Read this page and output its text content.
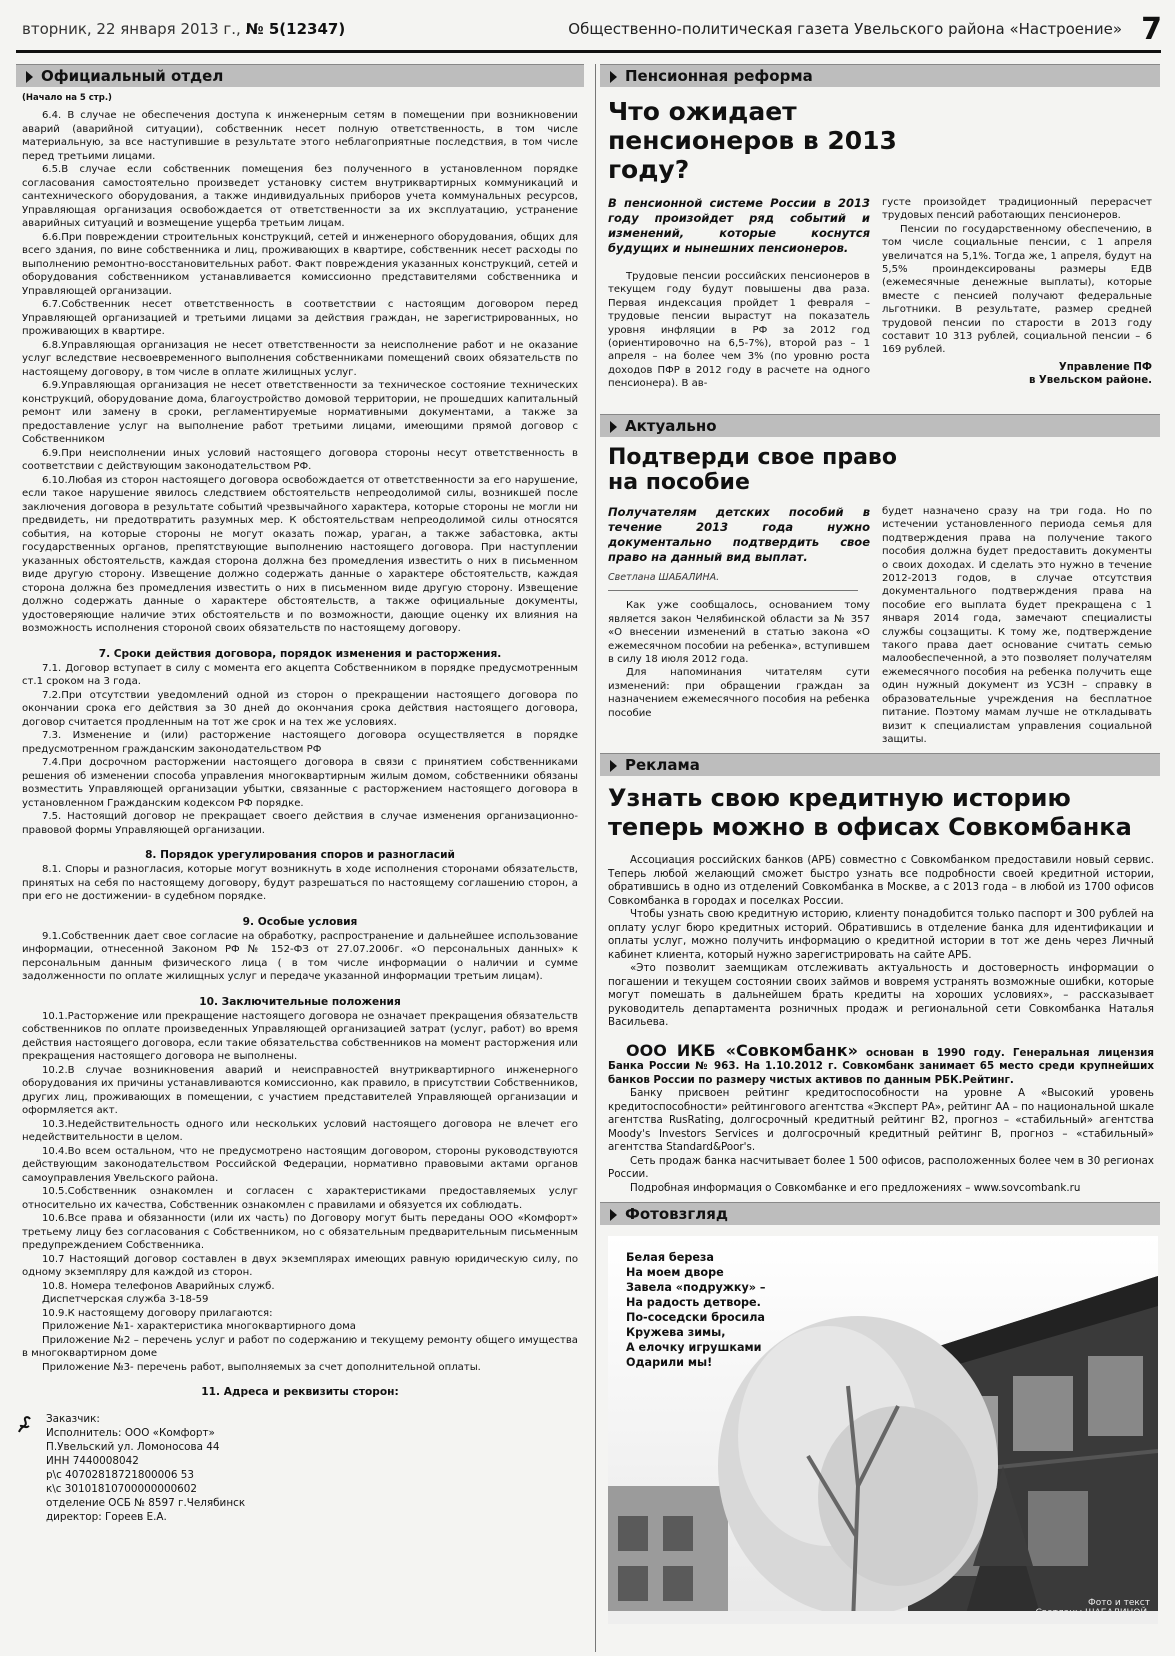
вторник, 22 января 2013 г., № 5(12347)	Общественно-политическая газета Увельского района «Настроение» 7
Официальный отдел
(Начало на 5 стр.)

6.4. В случае не обеспечения доступа к инженерным сетям в помещении при возникновении аварий (аварийной ситуации), собственник несет полную ответственность, в том числе материальную, за все наступившие в результате этого неблагоприятные последствия, в том числе перед третьими лицами.

6.5.В случае если собственник помещения без полученного в установленном порядке согласования самостоятельно произведет установку систем внутриквартирных коммуникаций и сантехнического оборудования, а также индивидуальных приборов учета коммунальных ресурсов, Управляющая организация освобождается от ответственности за их эксплуатацию, устранение аварийных ситуаций и возмещение ущерба третьим лицам.

6.6.При повреждении строительных конструкций, сетей и инженерного оборудования, общих для всего здания, по вине собственника и лиц, проживающих в квартире, собственник несет расходы по выполнению ремонтно-восстановительных работ. Факт повреждения указанных конструкций, сетей и оборудования собственником устанавливается комиссионно представителями собственника и Управляющей организации.

6.7.Собственник несет ответственность в соответствии с настоящим договором перед Управляющей организацией и третьими лицами за действия граждан, не зарегистрированных, но проживающих в квартире.

6.8.Управляющая организация не несет ответственности за неисполнение работ и не оказание услуг вследствие несвоевременного выполнения собственниками помещений своих обязательств по настоящему договору, в том числе в оплате жилищных услуг.

6.9.Управляющая организация не несет ответственности за техническое состояние технических конструкций, оборудование дома, благоустройство домовой территории, не прошедших капитальный ремонт или замену в сроки, регламентируемые нормативными документами, а также за предоставление услуг на выполнение работ третьими лицами, имеющими прямой договор с Собственником

6.9.При неисполнении иных условий настоящего договора стороны несут ответственность в соответствии с действующим законодательством РФ.

6.10.Любая из сторон настоящего договора освобождается от ответственности за его нарушение, если такое нарушение явилось следствием обстоятельств непреодолимой силы, возникшей после заключения договора в результате событий чрезвычайного характера, которые стороны не могли ни предвидеть, ни предотвратить разумных мер. К обстоятельствам непреодолимой силы относятся события, на которые стороны не могут оказать пожар, ураган, а также забастовка, акты государственных органов, препятствующие выполнению настоящего договора. При наступлении указанных обстоятельств, каждая сторона должна без промедления известить о них в письменном виде другую сторону. Извещение должно содержать данные о характере обстоятельств, каждая сторона должна без промедления известить о них в письменном виде другую сторону. Извещение должно содержать данные о характере обстоятельств, а также официальные документы, удостоверяющие наличие этих обстоятельств и по возможности, дающие оценку их влияния на возможность исполнения стороной своих обязательств по настоящему договору.

7. Сроки действия договора, порядок изменения и расторжения.

7.1. Договор вступает в силу с момента его акцепта Собственником в порядке предусмотренным ст.1 сроком на 3 года.

7.2.При отсутствии уведомлений одной из сторон о прекращении настоящего договора по окончании срока его действия за 30 дней до окончания срока действия настоящего договора, договор считается продленным на тот же срок и на тех же условиях.

7.3. Изменение и (или) расторжение настоящего договора осуществляется в порядке предусмотренном гражданским законодательством РФ

7.4.При досрочном расторжении настоящего договора в связи с принятием собственниками решения об изменении способа управления многоквартирным жилым домом, собственники обязаны возместить Управляющей организации убытки, связанные с расторжением настоящего договора в установленном Гражданским кодексом РФ порядке.

7.5. Настоящий договор не прекращает своего действия в случае изменения организационно-правовой формы Управляющей организации.

8. Порядок урегулирования споров и разногласий

8.1. Споры и разногласия, которые могут возникнуть в ходе исполнения сторонами обязательств, принятых на себя по настоящему договору, будут разрешаться по настоящему соглашению сторон, а при его не достижении- в судебном порядке.

9. Особые условия

9.1.Собственник дает свое согласие на обработку, распространение и дальнейшее использование информации, отнесенной Законом РФ № 152-ФЗ от 27.07.2006г. «О персональных данных» к персональным данным физического лица ( в том числе информации о наличии и сумме задолженности по оплате жилищных услуг и передаче указанной информации третьим лицам).

10. Заключительные положения

10.1.Расторжение или прекращение настоящего договора не означает прекращения обязательств собственников по оплате произведенных Управляющей организацией затрат (услуг, работ) во время действия настоящего договора, если такие обязательства собственников на момент расторжения или прекращения настоящего договора не выполнены.

10.2.В случае возникновения аварий и неисправностей внутриквартирного инженерного оборудования их причины устанавливаются комиссионно, как правило, в присутствии Собственников, других лиц, проживающих в помещении, с участием представителей Управляющей организации и оформляется акт.

10.3.Недействительность одного или нескольких условий настоящего договора не влечет его недействительности в целом.

10.4.Во всем остальном, что не предусмотрено настоящим договором, стороны руководствуются действующим законодательством Российской Федерации, нормативно правовыми актами органов самоуправления Увельского района.

10.5.Собственник ознакомлен и согласен с характеристиками предоставляемых услуг относительно их качества, Собственник ознакомлен с правилами и обязуется их соблюдать.

10.6.Все права и обязанности (или их часть) по Договору могут быть переданы ООО «Комфорт» третьему лицу без согласования с Собственником, но с обязательным предварительным письменным предупреждением Собственника.

10.7 Настоящий договор составлен в двух экземплярах имеющих равную юридическую силу, по одному экземпляру для каждой из сторон.

10.8. Номера телефонов Аварийных служб.

Диспетчерская служба 3-18-59

10.9.К настоящему договору прилагаются:

Приложение №1- характеристика многоквартирного дома

Приложение №2 – перечень услуг и работ по содержанию и текущему ремонту общего имущества в многоквартирном доме

Приложение №3- перечень работ, выполняемых за счет дополнительной оплаты.

11. Адреса и реквизиты сторон:
Заказчик:
Исполнитель: ООО «Комфорт»
П.Увельский ул. Ломоносова 44
ИНН 7440008042
р\с 40702818721800006 53
к\с 30101810700000000602
отделение ОСБ № 8597 г.Челябинск
директор: Гореев Е.А.
Пенсионная реформа
Что ожидает пенсионеров в 2013 году?
В пенсионной системе России в 2013 году произойдет ряд событий и изменений, которые коснутся будущих и нынешних пенсионеров.

Трудовые пенсии российских пенсионеров в текущем году будут повышены два раза. Первая индексация пройдет 1 февраля – трудовые пенсии вырастут на показатель уровня инфляции в РФ за 2012 год (ориентировочно на 6,5-7%), второй раз – 1 апреля – на более чем 3% (по уровню роста доходов ПФР в 2012 году в расчете на одного пенсионера). В ав-

густе произойдет традиционный перерасчет трудовых пенсий работающих пенсионеров.

Пенсии по государственному обеспечению, в том числе социальные пенсии, с 1 апреля увеличатся на 5,1%. Тогда же, 1 апреля, будут на 5,5% проиндексированы размеры ЕДВ (ежемесячные денежные выплаты), которые вместе с пенсией получают федеральные льготники. В результате, размер средней трудовой пенсии по старости в 2013 году составит 10 313 рублей, социальной пенсии – 6 169 рублей.

Управление ПФ
в Увельском районе.
Актуально
Подтверди свое право на пособие
Получателям детских пособий в течение 2013 года нужно документально подтвердить свое право на данный вид выплат.
Светлана ШАБАЛИНА.

Как уже сообщалось, основанием тому является закон Челябинской области за № 357 «О внесении изменений в статью закона «О ежемесячном пособии на ребенка», вступившем в силу 18 июля 2012 года.

Для напоминания читателям сути изменений: при обращении граждан за назначением ежемесячного пособия на ребенка пособие

будет назначено сразу на три года. Но по истечении установленного периода семья для подтверждения права на получение такого пособия должна будет предоставить документы о своих доходах. И сделать это нужно в течение 2012-2013 годов, в случае отсутствия документального подтверждения права на пособие его выплата будет прекращена с 1 января 2014 года, замечают специалисты службы соцзащиты. К тому же, подтверждение такого права дает основание считать семью малообеспеченной, а это позволяет получателям ежемесячного пособия на ребенка получить еще один нужный документ из УСЗН – справку в образовательные учреждения на бесплатное питание. Поэтому мамам лучше не откладывать визит к специалистам управления социальной защиты.

Реклама
Узнать свою кредитную историю теперь можно в офисах Совкомбанка

Ассоциация российских банков (АРБ) совместно с Совкомбанком предоставили новый сервис. Теперь любой желающий сможет быстро узнать все подробности своей кредитной истории, обратившись в одно из отделений Совкомбанка в Москве, а с 2013 года – в любой из 1700 офисов Совкомбанка в городах и поселках России.

Чтобы узнать свою кредитную историю, клиенту понадобится только паспорт и 300 рублей на оплату услуг бюро кредитных историй. Обратившись в отделение банка для идентификации и оплаты услуг, можно получить информацию о кредитной истории в тот же день через Личный кабинет клиента, который нужно зарегистрировать на сайте АРБ.

«Это позволит заемщикам отслеживать актуальность и достоверность информации о погашении и текущем состоянии своих займов и вовремя устранять возможные ошибки, которые могут помешать в дальнейшем брать кредиты на хороших условиях», – рассказывает руководитель департамента розничных продаж и региональной сети Совкомбанка Наталья Васильева.

ООО ИКБ «Совкомбанк» основан в 1990 году. Генеральная лицензия Банка России № 963. На 1.10.2012 г. Совкомбанк занимает 65 место среди крупнейших банков России по размеру чистых активов по данным РБК.Рейтинг.

Банку присвоен рейтинг кредитоспособности на уровне А «Высокий уровень кредитоспособности» рейтингового агентства «Эксперт РА», рейтинг АА – по национальной шкале агентства RusRating, долгосрочный кредитный рейтинг В2, прогноз – «стабильный» агентства Moody's Investors Services и долгосрочный кредитный рейтинг В, прогноз – «стабильный» агентства Standard&Poor's.

Сеть продаж банка насчитывает более 1 500 офисов, расположенных более чем в 30 регионах России.

Подробная информация о Совкомбанке и его предложениях – www.sovcombank.ru

Фотовзгляд
Белая береза
На моем дворе
Завела «подружку» –
На радость детворе.
По-соседски бросила
Кружева зимы,
А елочку игрушками
Одарили мы!
Фото и текст
Светланы ШАБАЛИНОЙ.
